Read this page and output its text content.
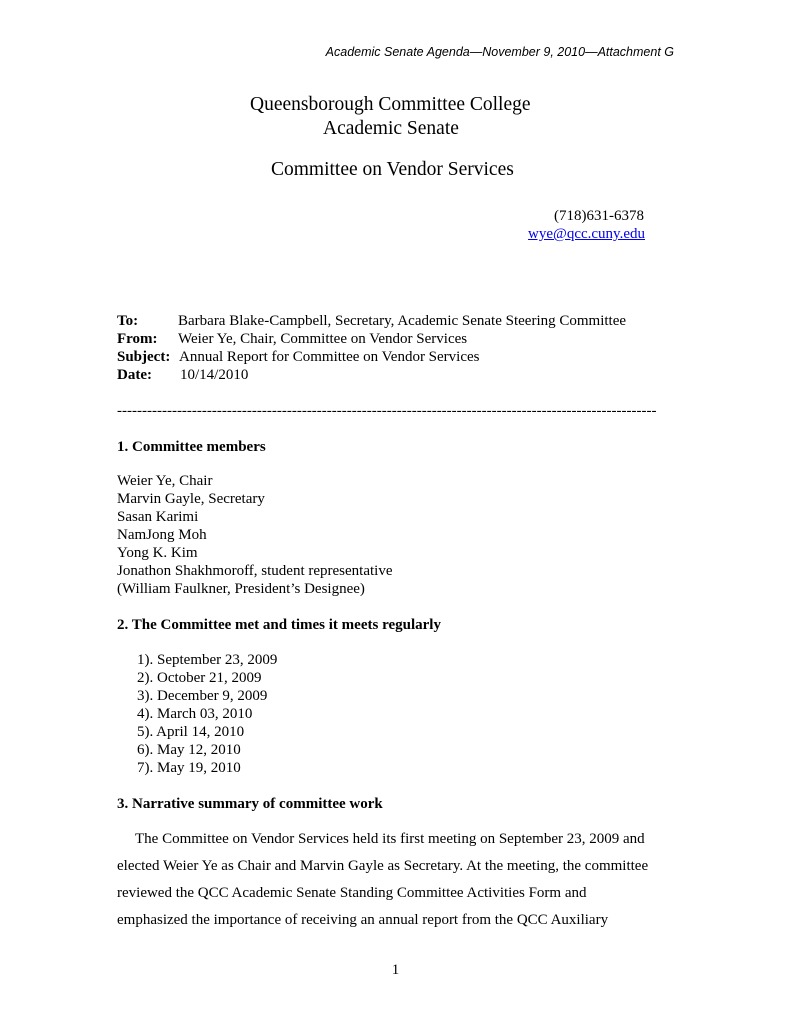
Academic Senate Agenda—November 9, 2010—Attachment G
Queensborough Committee College
Academic Senate
Committee on Vendor Services
(718)631-6378
wye@qcc.cuny.edu
To:	Barbara Blake-Campbell, Secretary, Academic Senate Steering Committee
From: Weier Ye, Chair, Committee on Vendor Services
Subject: Annual Report for Committee on Vendor Services
Date: 10/14/2010
------------------------------------------------------------------------------------------------------------
1. Committee members
Weier Ye, Chair
Marvin Gayle, Secretary
Sasan Karimi
NamJong Moh
Yong K. Kim
Jonathon Shakhmoroff, student representative
(William Faulkner, President’s Designee)
2. The Committee met and times it meets regularly
1). September 23, 2009
2). October 21, 2009
3). December 9, 2009
4). March 03, 2010
5). April 14, 2010
6). May 12, 2010
7). May 19, 2010
3. Narrative summary of committee work
The Committee on Vendor Services held its first meeting on September 23, 2009 and
elected Weier Ye as Chair and Marvin Gayle as Secretary. At the meeting, the committee
reviewed the QCC Academic Senate Standing Committee Activities Form and
emphasized the importance of receiving an annual report from the QCC Auxiliary
1
